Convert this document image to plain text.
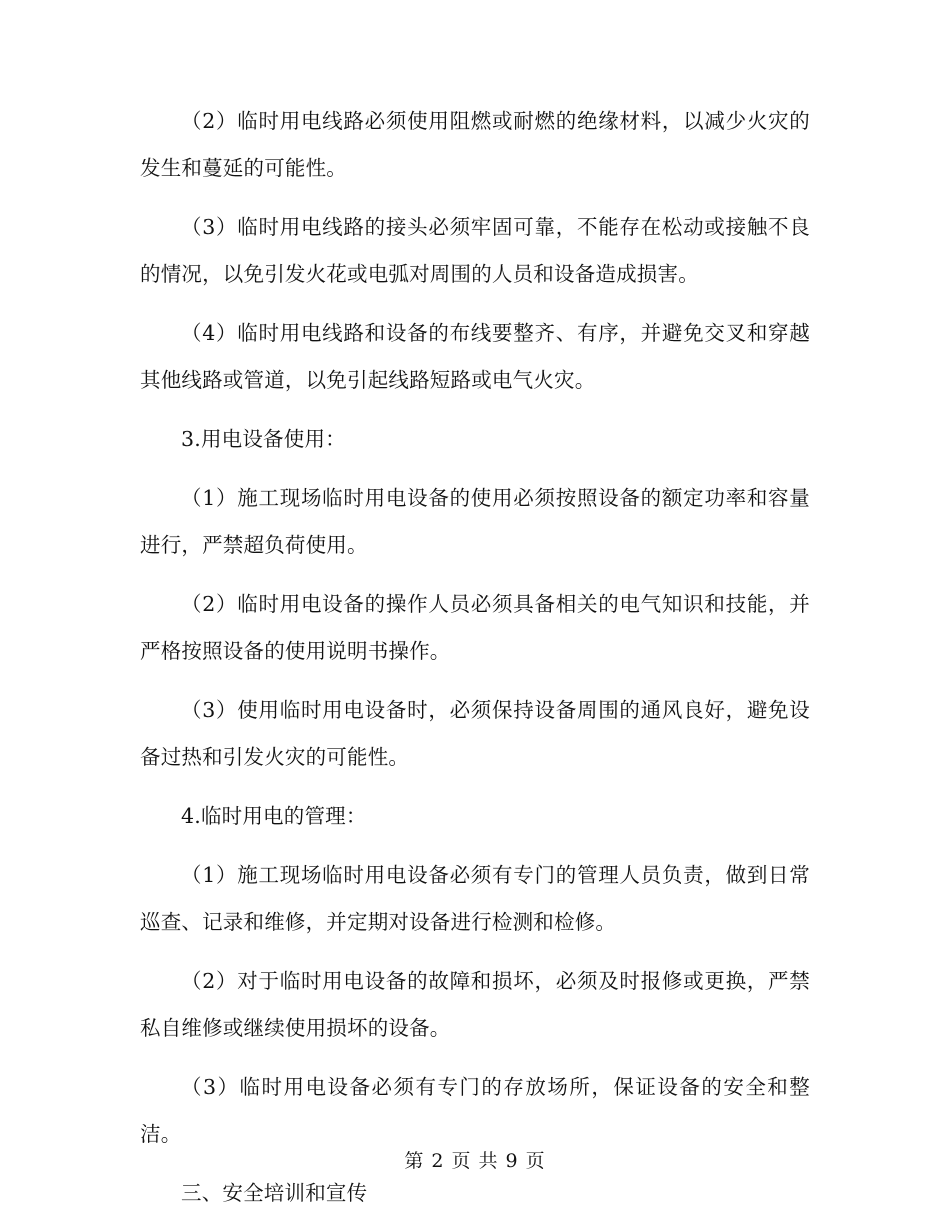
（2）临时用电线路必须使用阻燃或耐燃的绝缘材料，以减少火灾的发生和蔓延的可能性。

（3）临时用电线路的接头必须牢固可靠，不能存在松动或接触不良的情况，以免引发火花或电弧对周围的人员和设备造成损害。

（4）临时用电线路和设备的布线要整齐、有序，并避免交叉和穿越其他线路或管道，以免引起线路短路或电气火灾。

3.用电设备使用：

（1）施工现场临时用电设备的使用必须按照设备的额定功率和容量进行，严禁超负荷使用。

（2）临时用电设备的操作人员必须具备相关的电气知识和技能，并严格按照设备的使用说明书操作。

（3）使用临时用电设备时，必须保持设备周围的通风良好，避免设备过热和引发火灾的可能性。

4.临时用电的管理：

（1）施工现场临时用电设备必须有专门的管理人员负责，做到日常巡查、记录和维修，并定期对设备进行检测和检修。

（2）对于临时用电设备的故障和损坏，必须及时报修或更换，严禁私自维修或继续使用损坏的设备。

（3）临时用电设备必须有专门的存放场所，保证设备的安全和整洁。

三、安全培训和宣传

第 2 页 共 9 页
